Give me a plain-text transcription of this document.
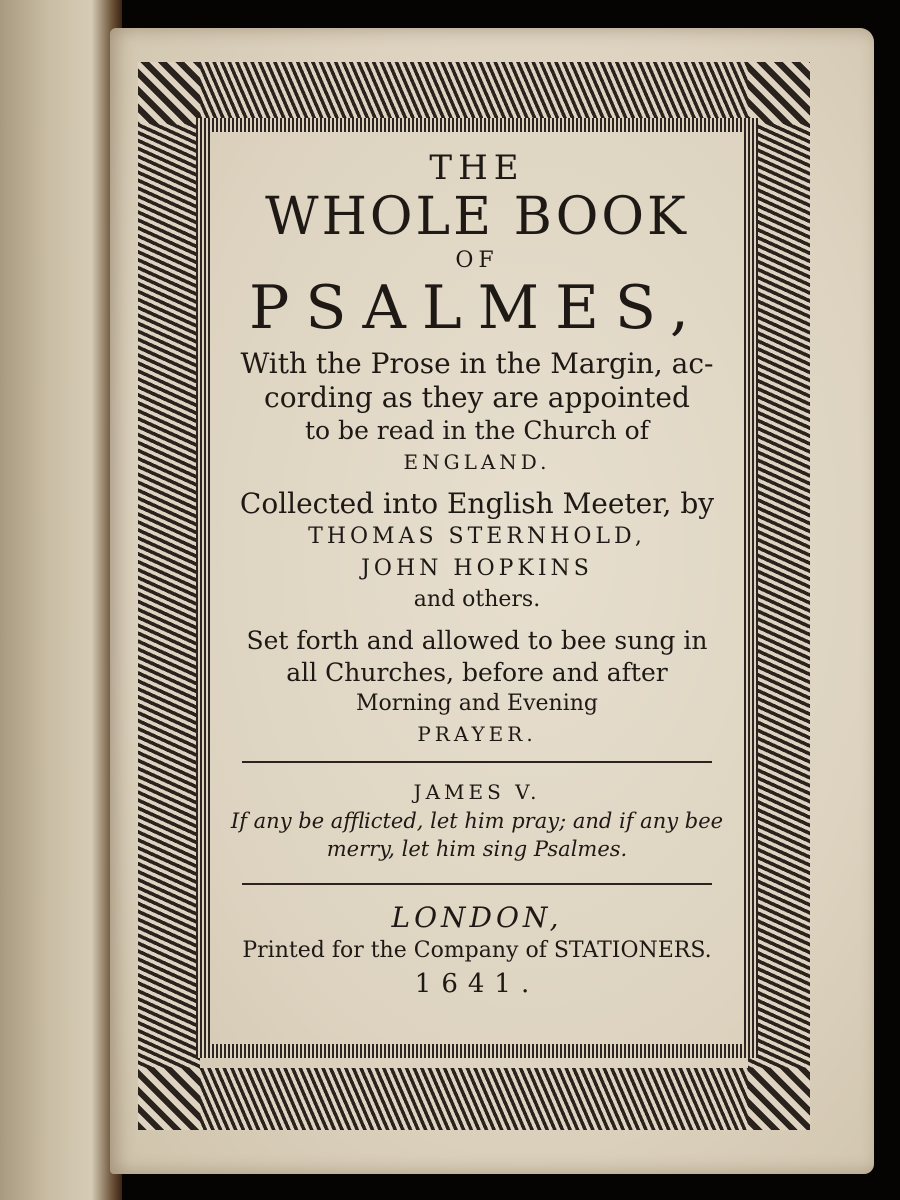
THE
WHOLE BOOK
OF
PSALMES,
With the Prose in the Margin, ac-
cording as they are appointed
to be read in the Church of
ENGLAND.
Collected into English Meeter, by
THOMAS STERNHOLD,
JOHN HOPKINS
and others.
Set forth and allowed to bee sung in
all Churches, before and after
Morning and Evening
PRAYER.
JAMES V.
If any be afflicted, let him pray; and if any bee
merry, let him sing Psalmes.
LONDON,
Printed for the Company of STATIONERS.
1641.
